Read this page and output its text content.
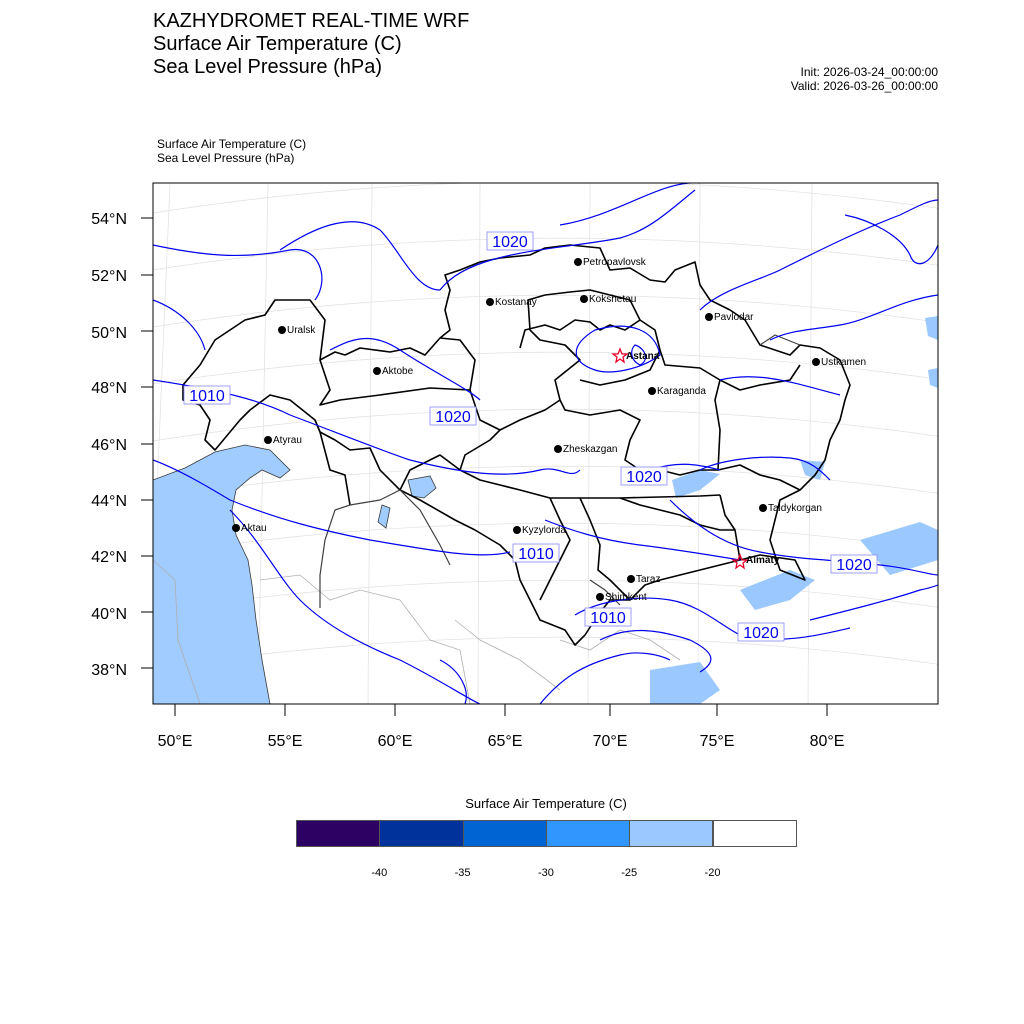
KAZHYDROMET REAL-TIME WRF
Surface Air Temperature (C)
Sea Level Pressure (hPa)	Init: 2026-03-24_00:00:00
Valid: 2026-03-26_00:00:00
Surface Air Temperature (C)
Sea Level Pressure (hPa)
54°N
52°N
50°N
48°N
46°N
44°N
42°N
40°N
38°N
50°E	55°E	60°E	65°E	70°E	75°E	80°E
1020
1010
1020
1020
1010
1010
1020
1020
Petropavlovsk
Kostanay	Kokshetau
Pavlodar
Uralsk
Astana
Aktobe
Ustkamen
Karaganda
Atyrau
Zheskazgan
Taldykorgan
Aktau	Kyzylorda
Almaty
Taraz
Shimkent
Surface Air Temperature (C)
-40	-35	-30	-25	-20
